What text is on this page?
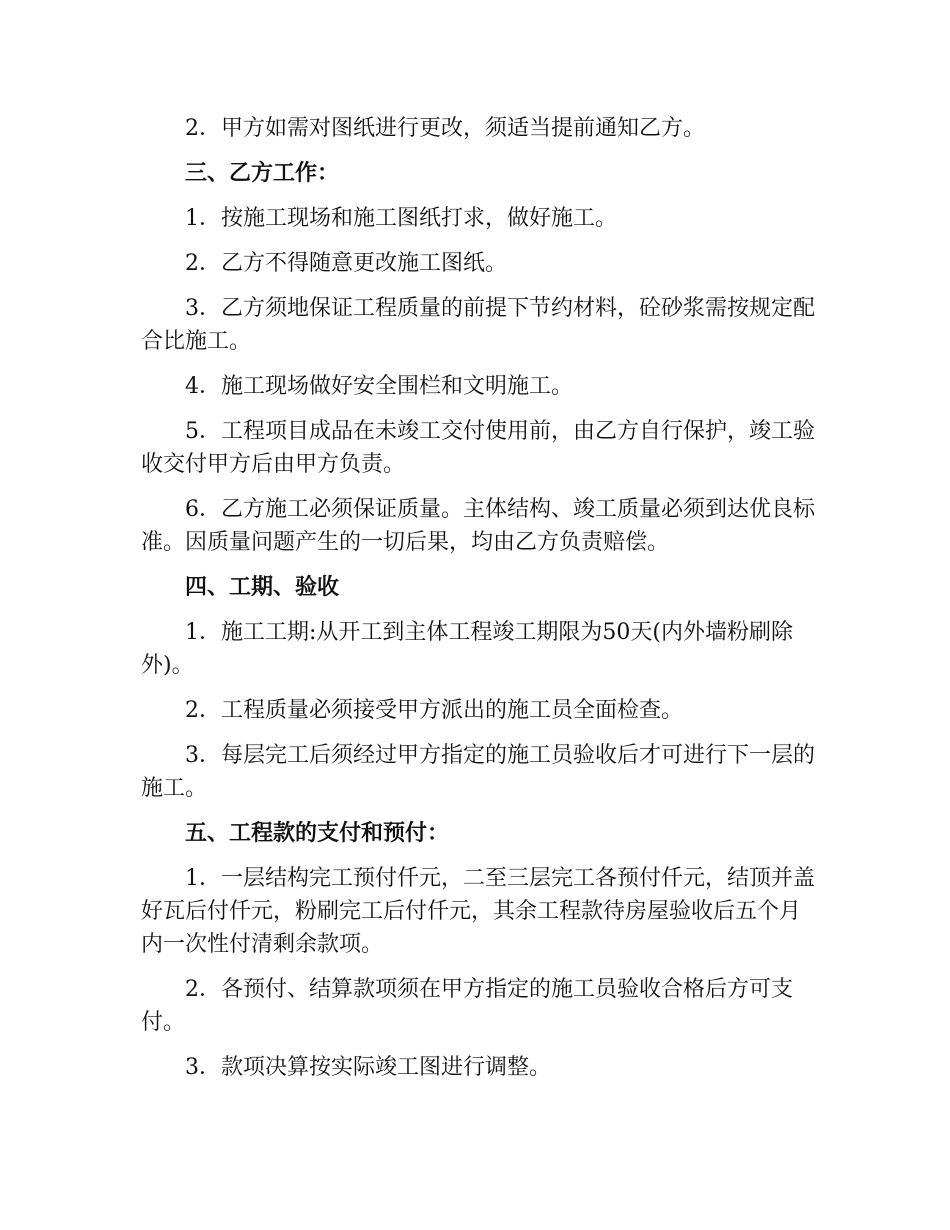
2．甲方如需对图纸进行更改，须适当提前通知乙方。

三、乙方工作：

1．按施工现场和施工图纸打求，做好施工。

2．乙方不得随意更改施工图纸。

3．乙方须地保证工程质量的前提下节约材料，砼砂浆需按规定配合比施工。

4．施工现场做好安全围栏和文明施工。

5．工程项目成品在未竣工交付使用前，由乙方自行保护，竣工验收交付甲方后由甲方负责。

6．乙方施工必须保证质量。主体结构、竣工质量必须到达优良标准。因质量问题产生的一切后果，均由乙方负责赔偿。

四、工期、验收

1．施工工期:从开工到主体工程竣工期限为50天(内外墙粉刷除外)。

2．工程质量必须接受甲方派出的施工员全面检查。

3．每层完工后须经过甲方指定的施工员验收后才可进行下一层的施工。

五、工程款的支付和预付：

1．一层结构完工预付仟元，二至三层完工各预付仟元，结顶并盖好瓦后付仟元，粉刷完工后付仟元，其余工程款待房屋验收后五个月内一次性付清剩余款项。

2．各预付、结算款项须在甲方指定的施工员验收合格后方可支付。

3．款项决算按实际竣工图进行调整。
